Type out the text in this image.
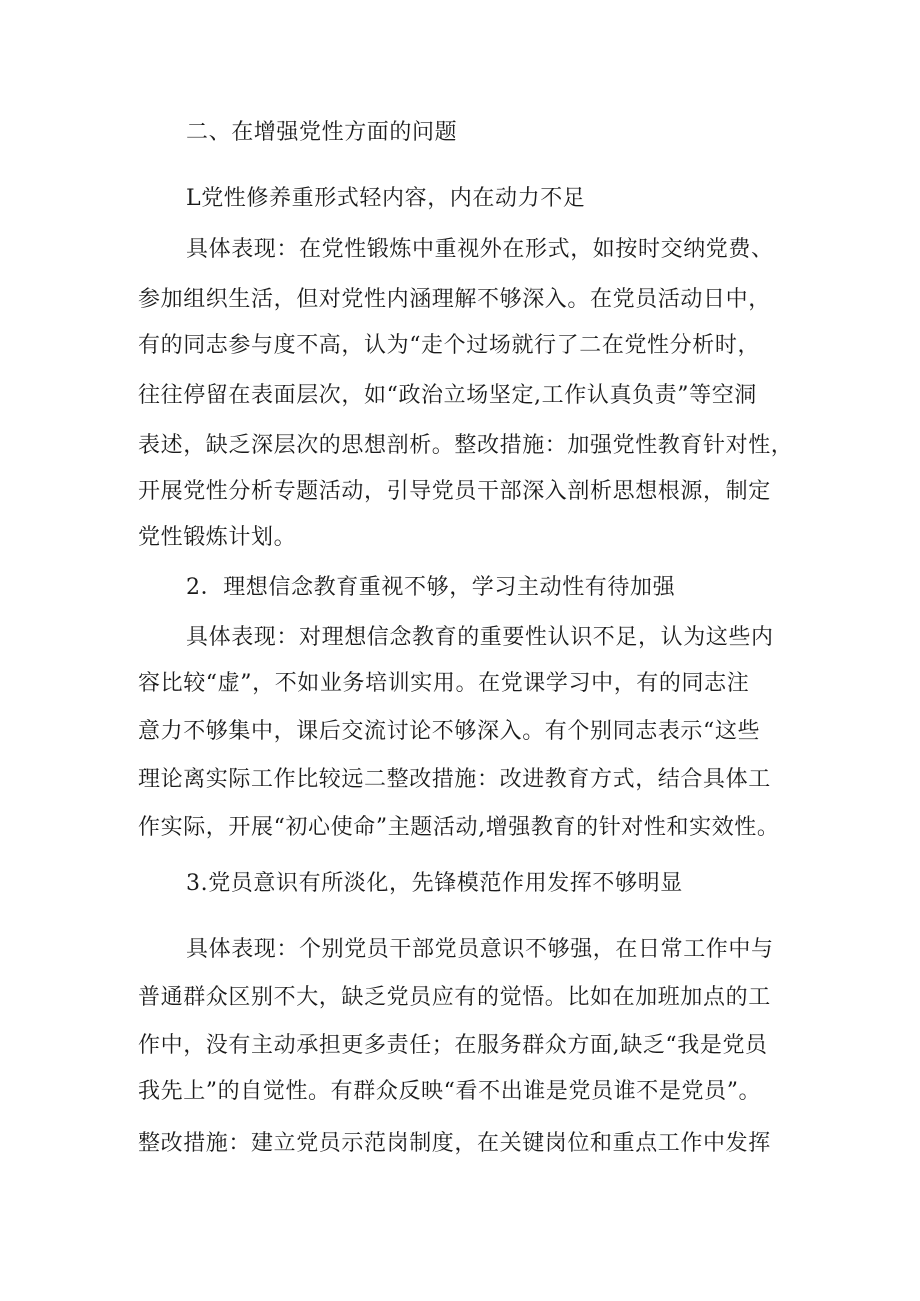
二、在增强党性方面的问题
L党性修养重形式轻内容，内在动力不足
具体表现：在党性锻炼中重视外在形式，如按时交纳党费、
参加组织生活，但对党性内涵理解不够深入。在党员活动日中，
有的同志参与度不高，认为“走个过场就行了二在党性分析时，
往往停留在表面层次，如“政治立场坚定,工作认真负责”等空洞
表述，缺乏深层次的思想剖析。整改措施：加强党性教育针对性，
开展党性分析专题活动，引导党员干部深入剖析思想根源，制定
党性锻炼计划。
2．理想信念教育重视不够，学习主动性有待加强
具体表现：对理想信念教育的重要性认识不足，认为这些内
容比较“虚”，不如业务培训实用。在党课学习中，有的同志注
意力不够集中，课后交流讨论不够深入。有个别同志表示“这些
理论离实际工作比较远二整改措施：改进教育方式，结合具体工
作实际，开展“初心使命”主题活动,增强教育的针对性和实效性。
3.党员意识有所淡化，先锋模范作用发挥不够明显
具体表现：个别党员干部党员意识不够强，在日常工作中与
普通群众区别不大，缺乏党员应有的觉悟。比如在加班加点的工
作中，没有主动承担更多责任；在服务群众方面,缺乏“我是党员
我先上”的自觉性。有群众反映“看不出谁是党员谁不是党员”。
整改措施：建立党员示范岗制度，在关键岗位和重点工作中发挥
